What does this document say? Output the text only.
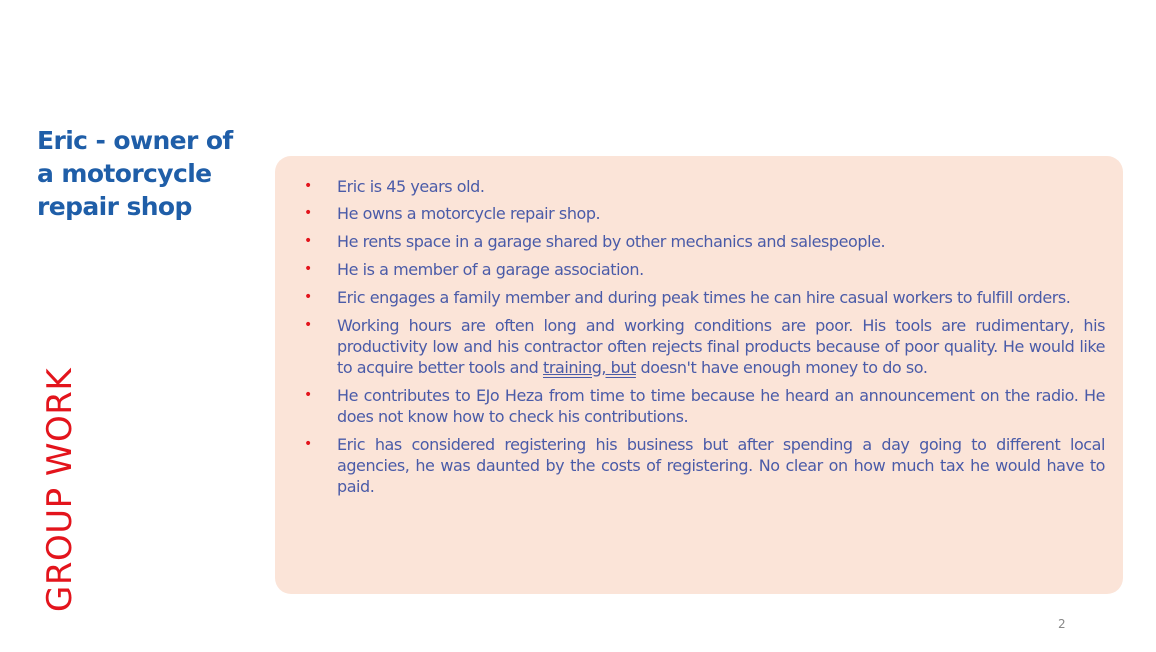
Eric - owner of a motorcycle repair shop
GROUP WORK
• Eric is 45 years old.
• He owns a motorcycle repair shop.
• He rents space in a garage shared by other mechanics and salespeople.
• He is a member of a garage association.
• Eric engages a family member and during peak times he can hire casual workers to fulfill orders.
• Working hours are often long and working conditions are poor. His tools are rudimentary, his productivity low and his contractor often rejects final products because of poor quality. He would like to acquire better tools and training, but doesn't have enough money to do so.
• He contributes to EJo Heza from time to time because he heard an announcement on the radio. He does not know how to check his contributions.
• Eric has considered registering his business but after spending a day going to different local agencies, he was daunted by the costs of registering. No clear on how much tax he would have to paid.
2
